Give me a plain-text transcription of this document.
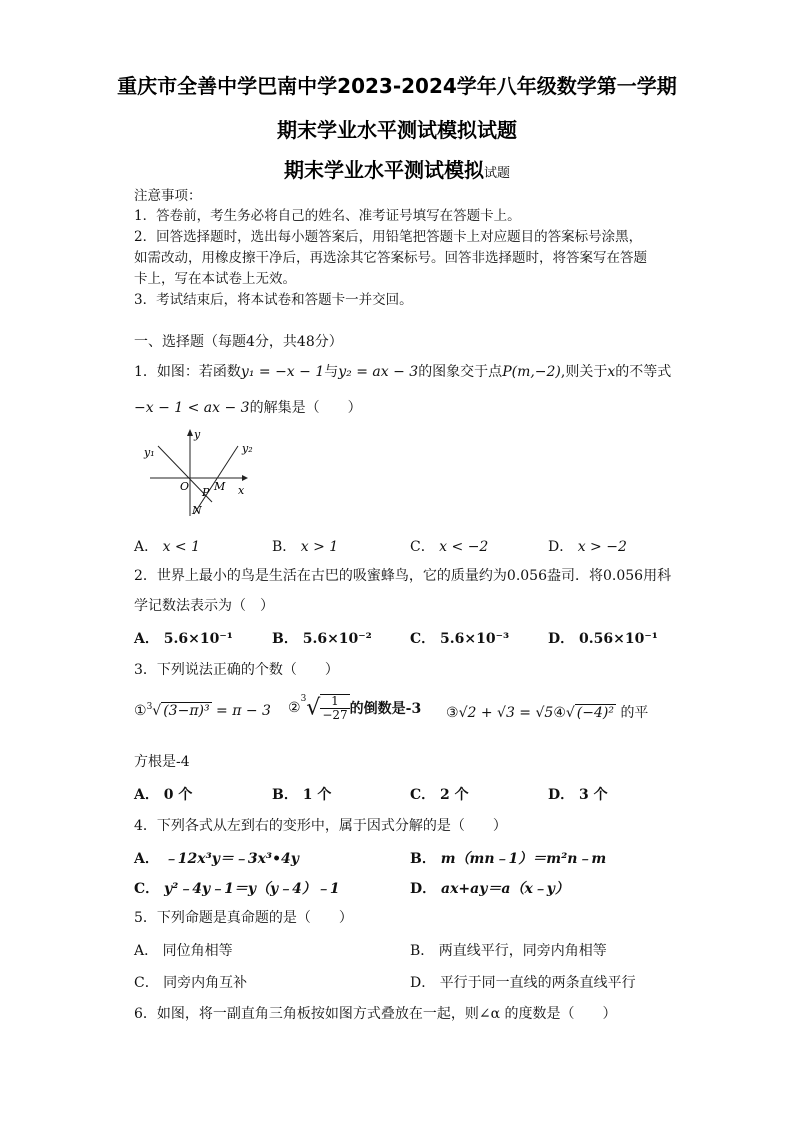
重庆市全善中学巴南中学2023-2024学年八年级数学第一学期
期末学业水平测试模拟试题
期末学业水平测试模拟试题
注意事项：
1．答卷前，考生务必将自己的姓名、准考证号填写在答题卡上。
2．回答选择题时，选出每小题答案后，用铅笔把答题卡上对应题目的答案标号涂黑，
如需改动，用橡皮擦干净后，再选涂其它答案标号。回答非选择题时，将答案写在答题
卡上，写在本试卷上无效。
3．考试结束后，将本试卷和答题卡一并交回。
一、选择题（每题4分，共48分）
1．如图：若函数y₁ = −x − 1与y₂ = ax − 3的图象交于点P(m,−2),则关于x的不等式
−x − 1 < ax − 3的解集是（　　）
y
x
y₁	y₂
O P M
N
A． x < 1	B． x > 1	C． x < −2	D． x > −2
2．世界上最小的鸟是生活在古巴的吸蜜蜂鸟，它的质量约为0.056盎司．将0.056用科
学记数法表示为（　）
A． 5.6×10⁻¹	B． 5.6×10⁻²	C． 5.6×10⁻³	D． 0.56×10⁻¹
3．下列说法正确的个数（　　）
①$^3$√ (3−π)³ = π − 3 ②$^3$√ $\frac{1}{-27}$ 的倒数是-3 ③√2 + √3 = √5④√ (−4)² 的平
方根是-4
A． 0 个	B． 1 个	C． 2 个	D． 3 个
4．下列各式从左到右的变形中，属于因式分解的是（　　）
A． ﹣12x³y＝﹣3x³•4y	B． m（mn﹣1）＝m²n﹣m
C． y²﹣4y﹣1＝y（y﹣4）﹣1	D． ax+ay＝a（x﹣y）
5．下列命题是真命题的是（　　）
A． 同位角相等	B． 两直线平行，同旁内角相等
C． 同旁内角互补	D． 平行于同一直线的两条直线平行
6．如图，将一副直角三角板按如图方式叠放在一起，则∠α 的度数是（　　）
